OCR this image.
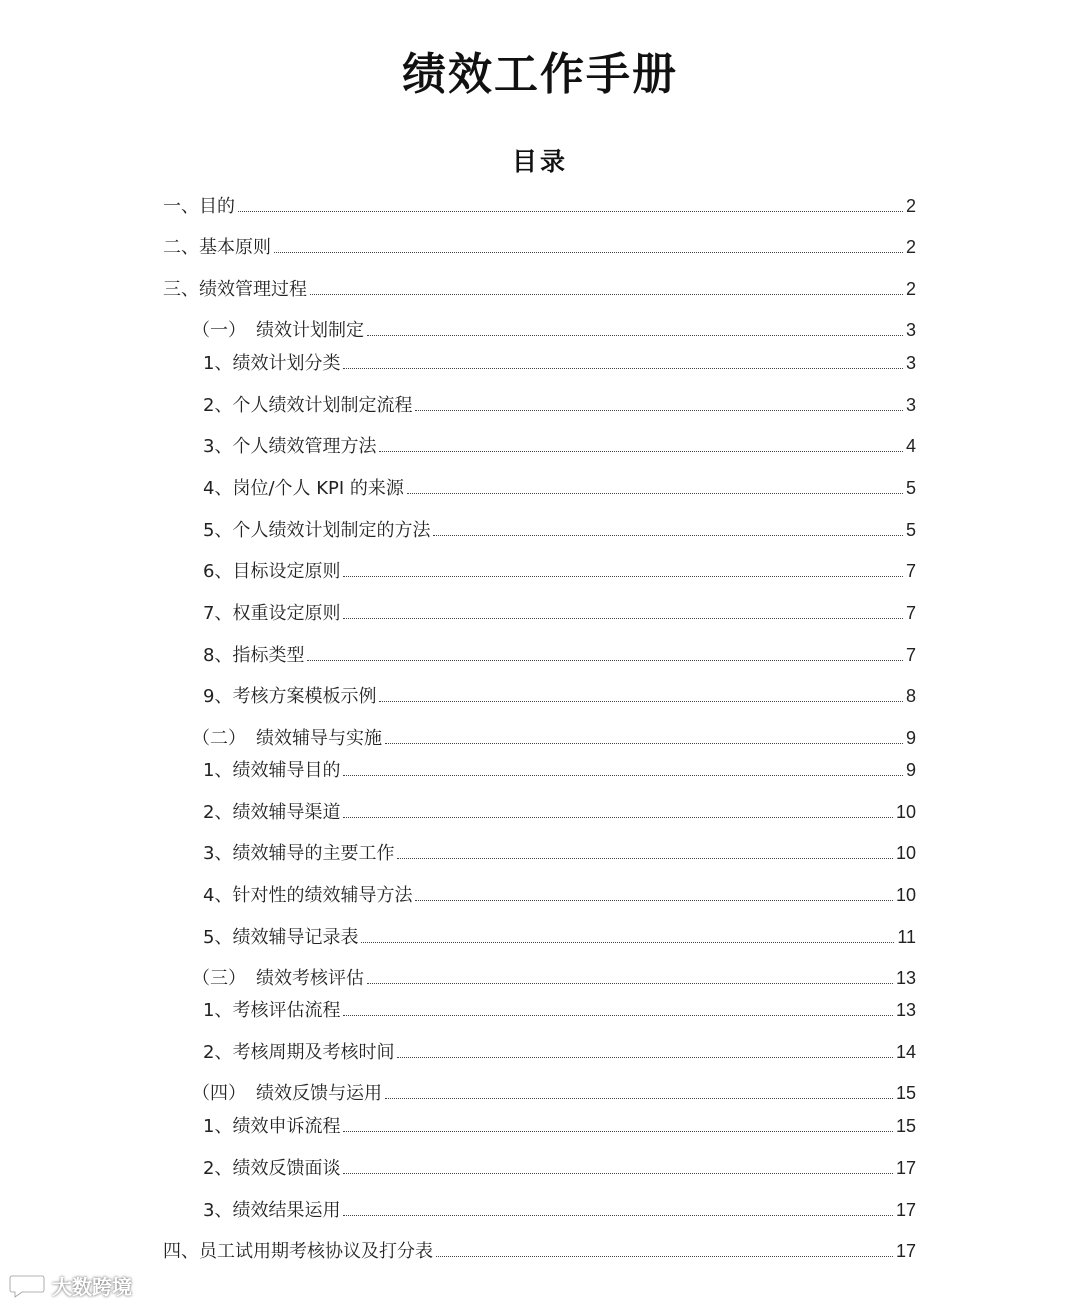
绩效工作手册
目录
一、目的	2
二、基本原则	2
三、绩效管理过程	2
（一） 绩效计划制定	3
1、绩效计划分类	3
2、个人绩效计划制定流程	3
3、个人绩效管理方法	4
4、岗位/个人 KPI 的来源	5
5、个人绩效计划制定的方法	5
6、目标设定原则	7
7、权重设定原则	7
8、指标类型	7
9、考核方案模板示例	8
（二） 绩效辅导与实施	9
1、绩效辅导目的	9
2、绩效辅导渠道	10
3、绩效辅导的主要工作	10
4、针对性的绩效辅导方法	10
5、绩效辅导记录表	11
（三） 绩效考核评估	13
1、考核评估流程	13
2、考核周期及考核时间	14
（四） 绩效反馈与运用	15
1、绩效申诉流程	15
2、绩效反馈面谈	17
3、绩效结果运用	17
四、员工试用期考核协议及打分表	17
大数跨境
